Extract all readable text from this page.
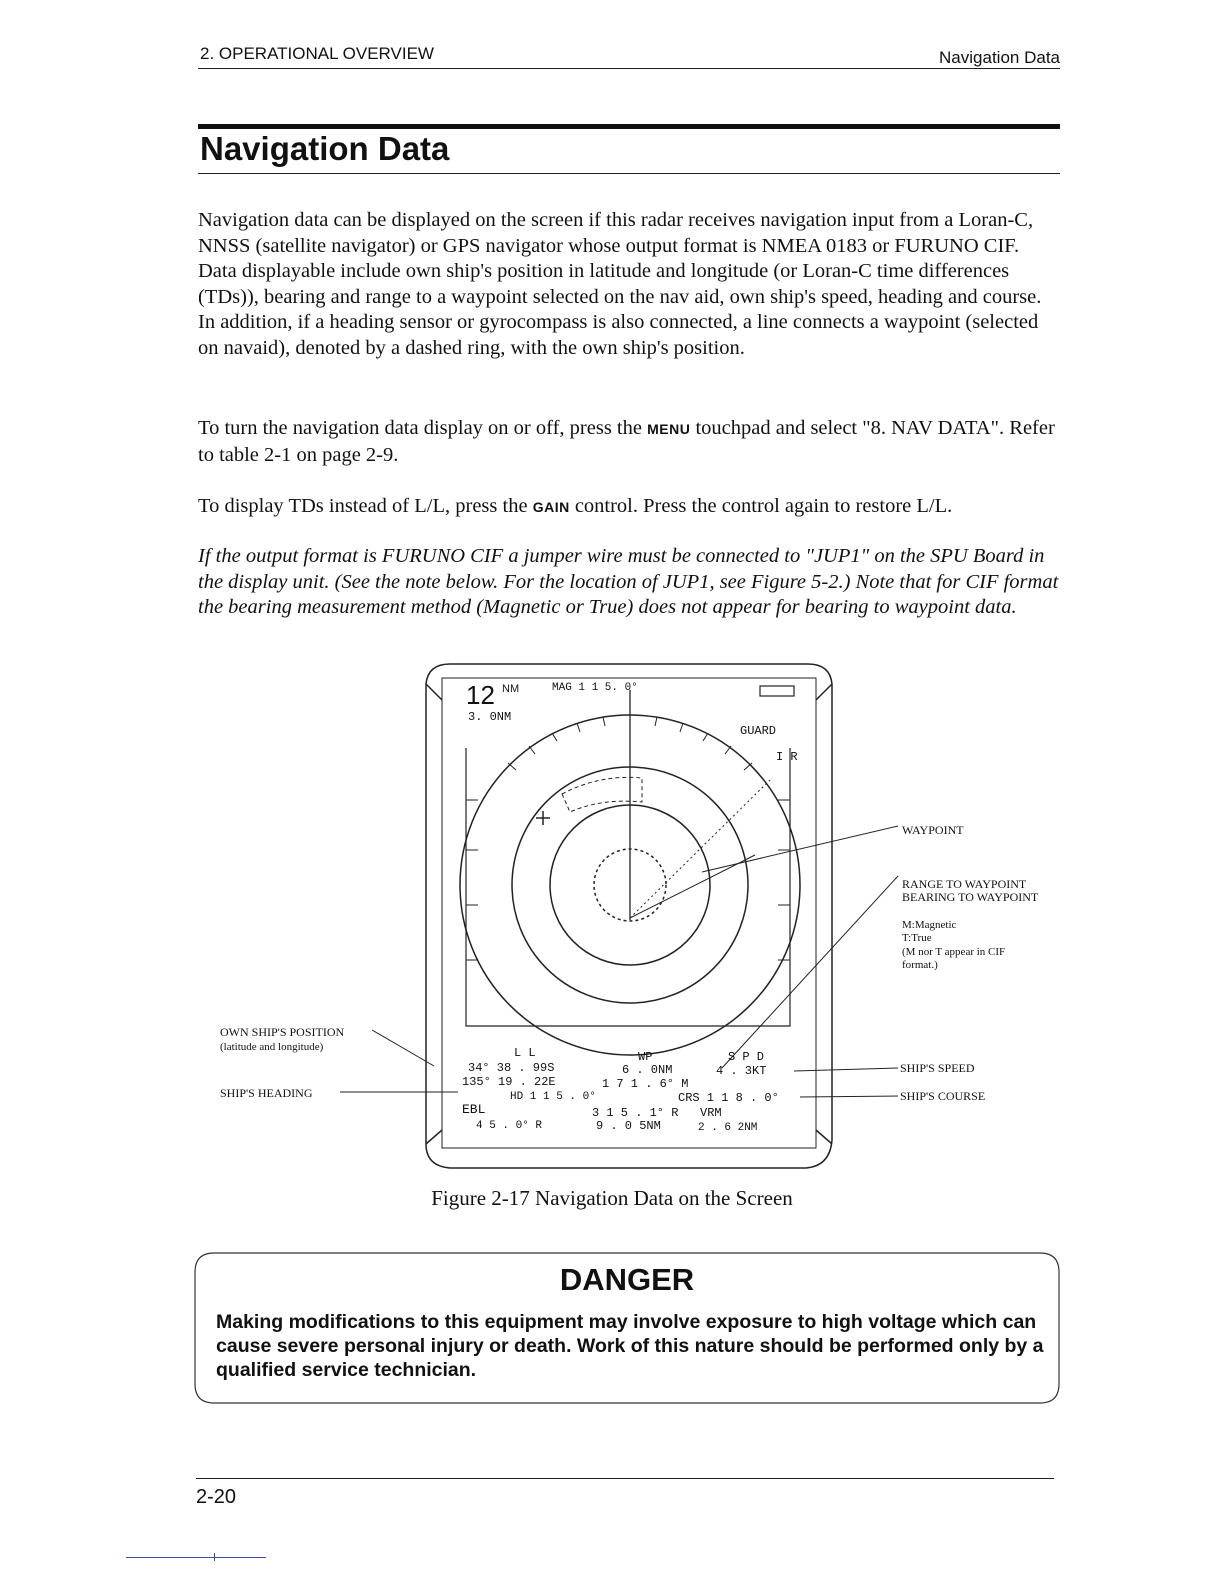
2. OPERATIONAL OVERVIEW	Navigation Data
Navigation Data

Navigation data can be displayed on the screen if this radar receives navigation input from a Loran-C, NNSS (satellite navigator) or GPS navigator whose output format is NMEA 0183 or FURUNO CIF. Data displayable include own ship's position in latitude and longitude (or Loran-C time differences (TDs)), bearing and range to a waypoint selected on the nav aid, own ship's speed, heading and course. In addition, if a heading sensor or gyrocompass is also connected, a line connects a waypoint (selected on navaid), denoted by a dashed ring, with the own ship's position.

To turn the navigation data display on or off, press the MENU touchpad and select "8. NAV DATA". Refer to table 2-1 on page 2-9.

To display TDs instead of L/L, press the GAIN control. Press the control again to restore L/L.

If the output format is FURUNO CIF a jumper wire must be connected to "JUP1" on the SPU Board in the display unit. (See the note below. For the location of JUP1, see Figure 5-2.) Note that for CIF format the bearing measurement method (Magnetic or True) does not appear for bearing to waypoint data.

12 NM
3. 0NM
MAG 1 1 5. 0°
GUARD
I R
L L
34° 38 . 99S
135° 19 . 22E
WP
6 . 0NM
1 7 1 . 6° M
S P D
4 . 3KT
HD 1 1 5 . 0°	CRS 1 1 8 . 0°
EBL
4 5 . 0° R
3 1 5 . 1° R
9 . 0 5NM
VRM
2 . 6 2NM
WAYPOINT
RANGE TO WAYPOINT
BEARING TO WAYPOINT
M:Magnetic
T:True
(M nor T appear in CIF
format.)
OWN SHIP'S POSITION
(latitude and longitude)
SHIP'S HEADING
SHIP'S SPEED
SHIP'S COURSE
Figure 2-17 Navigation Data on the Screen
DANGER

Making modifications to this equipment may involve exposure to high voltage which can cause severe personal injury or death. Work of this nature should be performed only by a qualified service technician.

2-20
